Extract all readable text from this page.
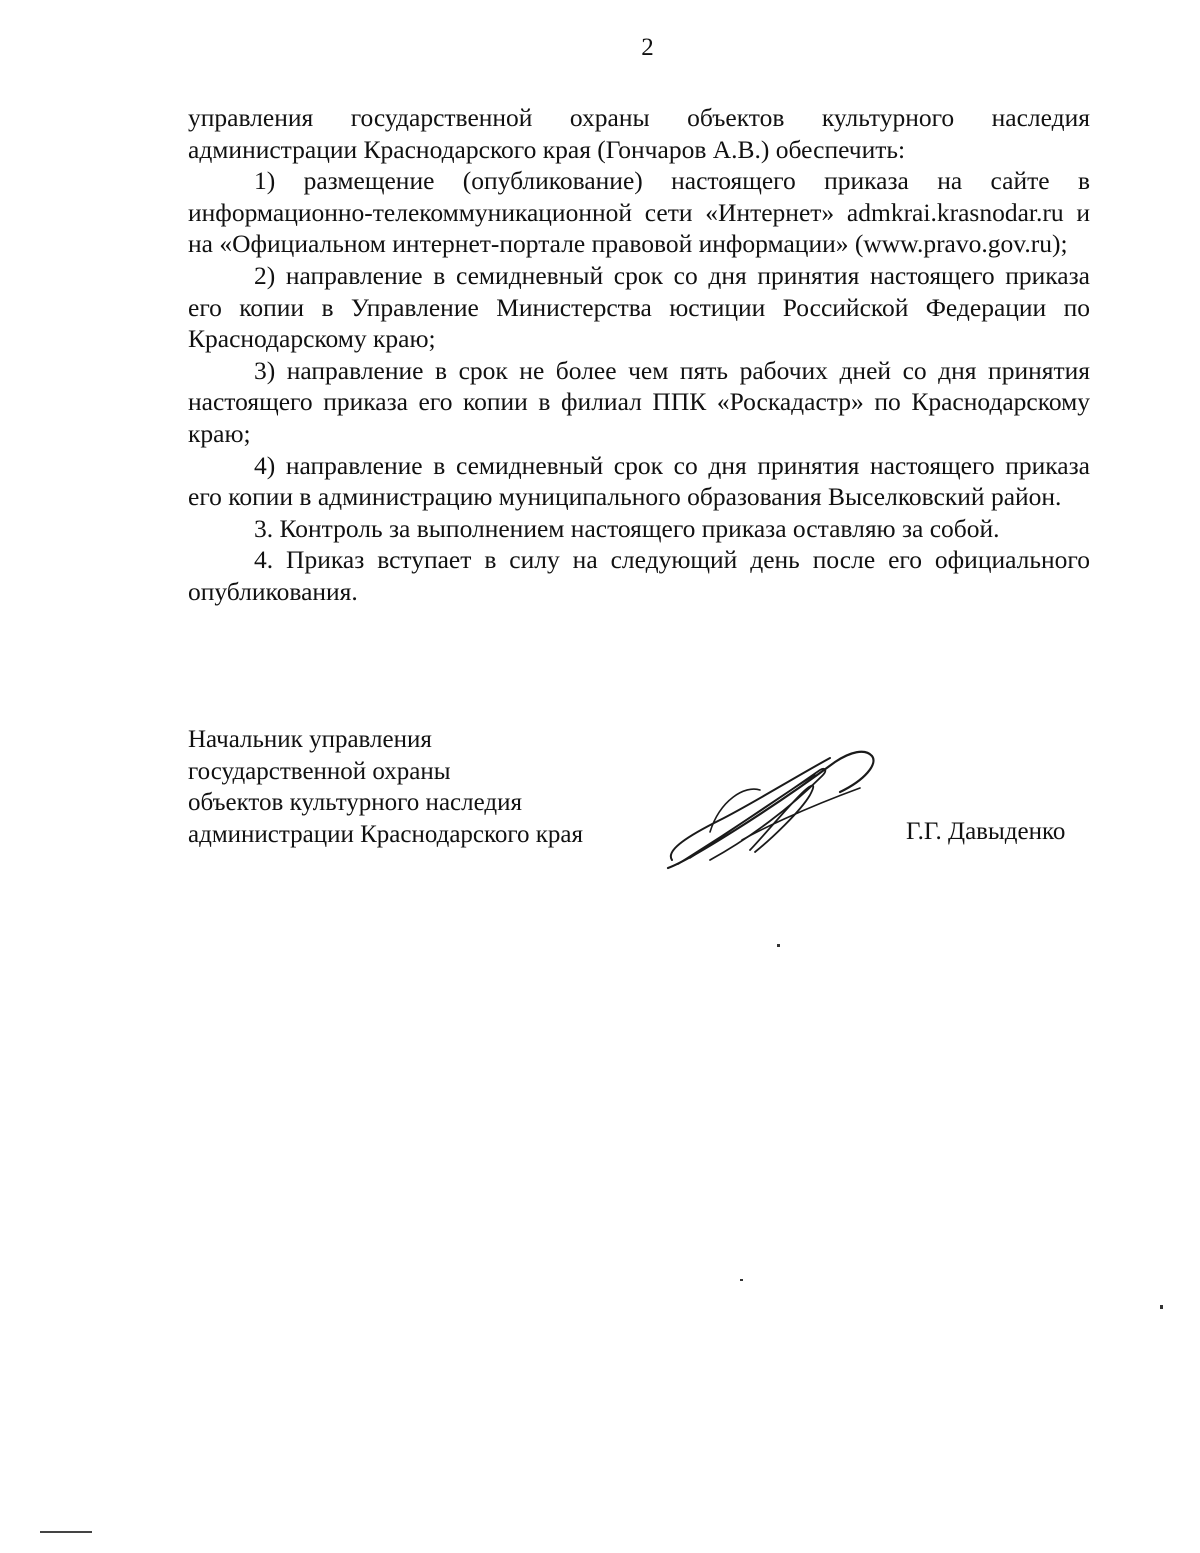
2

управления государственной охраны объектов культурного наследия администрации Краснодарского края (Гончаров А.В.) обеспечить:

1) размещение (опубликование) настоящего приказа на сайте в информационно-телекоммуникационной сети «Интернет» admkrai.krasnodar.ru и на «Официальном интернет-портале правовой информации» (www.pravo.gov.ru);

2) направление в семидневный срок со дня принятия настоящего приказа его копии в Управление Министерства юстиции Российской Федерации по Краснодарскому краю;

3) направление в срок не более чем пять рабочих дней со дня принятия настоящего приказа его копии в филиал ППК «Роскадастр» по Краснодарскому краю;

4) направление в семидневный срок со дня принятия настоящего приказа его копии в администрацию муниципального образования Выселковский район.

3. Контроль за выполнением настоящего приказа оставляю за собой.

4. Приказ вступает в силу на следующий день после его официального опубликования.

Начальник управления
государственной охраны
объектов культурного наследия
администрации Краснодарского края	Г.Г. Давыденко
